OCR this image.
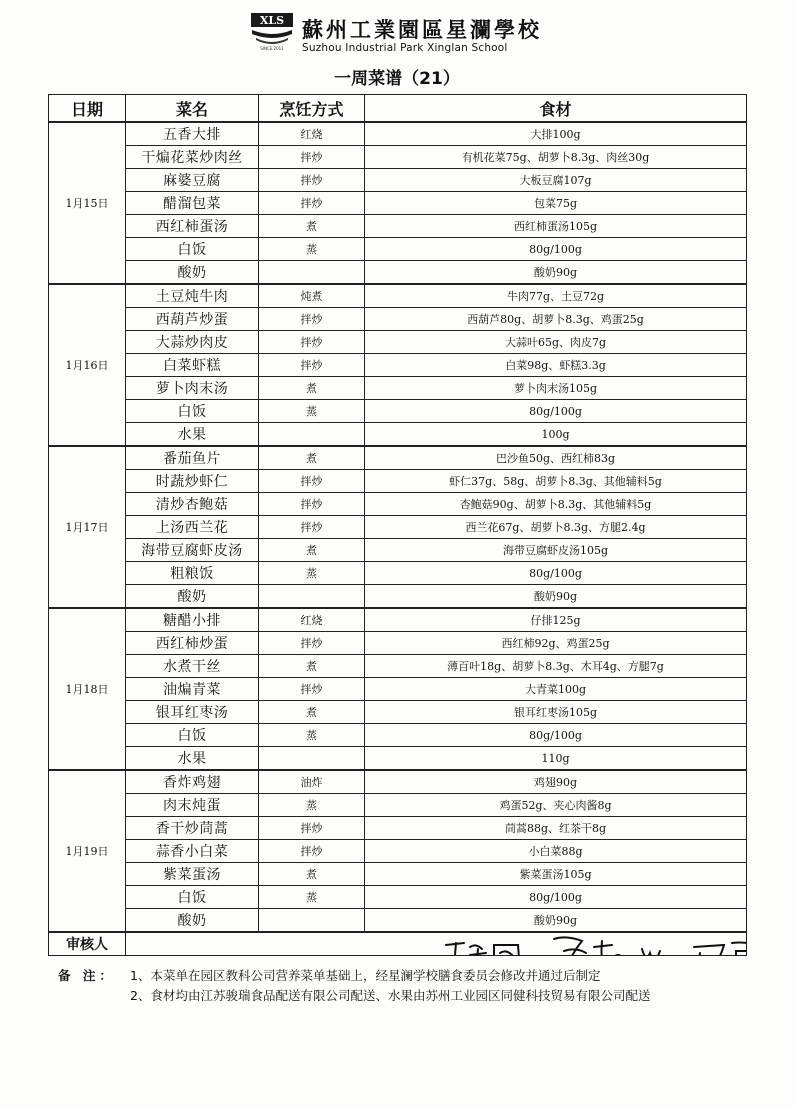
XLS
SINCE 2011
蘇州工業園區星瀾學校
Suzhou Industrial Park Xinglan School
一周菜谱（21）
日期	菜名	烹饪方式	食材
1月15日	五香大排	红烧	大排100g
	干煸花菜炒肉丝	拌炒	有机花菜75g、胡萝卜8.3g、肉丝30g
	麻婆豆腐	拌炒	大板豆腐107g
	醋溜包菜	拌炒	包菜75g
	西红柿蛋汤	煮	西红柿蛋汤105g
	白饭	蒸	80g/100g
	酸奶		酸奶90g
1月16日	土豆炖牛肉	炖煮	牛肉77g、土豆72g
	西葫芦炒蛋	拌炒	西葫芦80g、胡萝卜8.3g、鸡蛋25g
	大蒜炒肉皮	拌炒	大蒜叶65g、肉皮7g
	白菜虾糕	拌炒	白菜98g、虾糕3.3g
	萝卜肉末汤	煮	萝卜肉末汤105g
	白饭	蒸	80g/100g
	水果		100g
1月17日	番茄鱼片	煮	巴沙鱼50g、西红柿83g
	时蔬炒虾仁	拌炒	虾仁37g、58g、胡萝卜8.3g、其他辅料5g
	清炒杏鲍菇	拌炒	杏鲍菇90g、胡萝卜8.3g、其他辅料5g
	上汤西兰花	拌炒	西兰花67g、胡萝卜8.3g、方腿2.4g
	海带豆腐虾皮汤	煮	海带豆腐虾皮汤105g
	粗粮饭	蒸	80g/100g
	酸奶		酸奶90g
1月18日	糖醋小排	红烧	仔排125g
	西红柿炒蛋	拌炒	西红柿92g、鸡蛋25g
	水煮干丝	煮	薄百叶18g、胡萝卜8.3g、木耳4g、方腿7g
	油煸青菜	拌炒	大青菜100g
	银耳红枣汤	煮	银耳红枣汤105g
	白饭	蒸	80g/100g
	水果		110g
1月19日	香炸鸡翅	油炸	鸡翅90g
	肉末炖蛋	蒸	鸡蛋52g、夹心肉酱8g
	香干炒茼蒿	拌炒	茼蒿88g、红茶干8g
	蒜香小白菜	拌炒	小白菜88g
	紫菜蛋汤	煮	紫菜蛋汤105g
	白饭	蒸	80g/100g
	酸奶		酸奶90g
审核人	
备 注：	1、本菜单在园区教科公司营养菜单基础上，经星澜学校膳食委员会修改并通过后制定
2、食材均由江苏骏瑞食品配送有限公司配送、水果由苏州工业园区同健科技贸易有限公司配送
